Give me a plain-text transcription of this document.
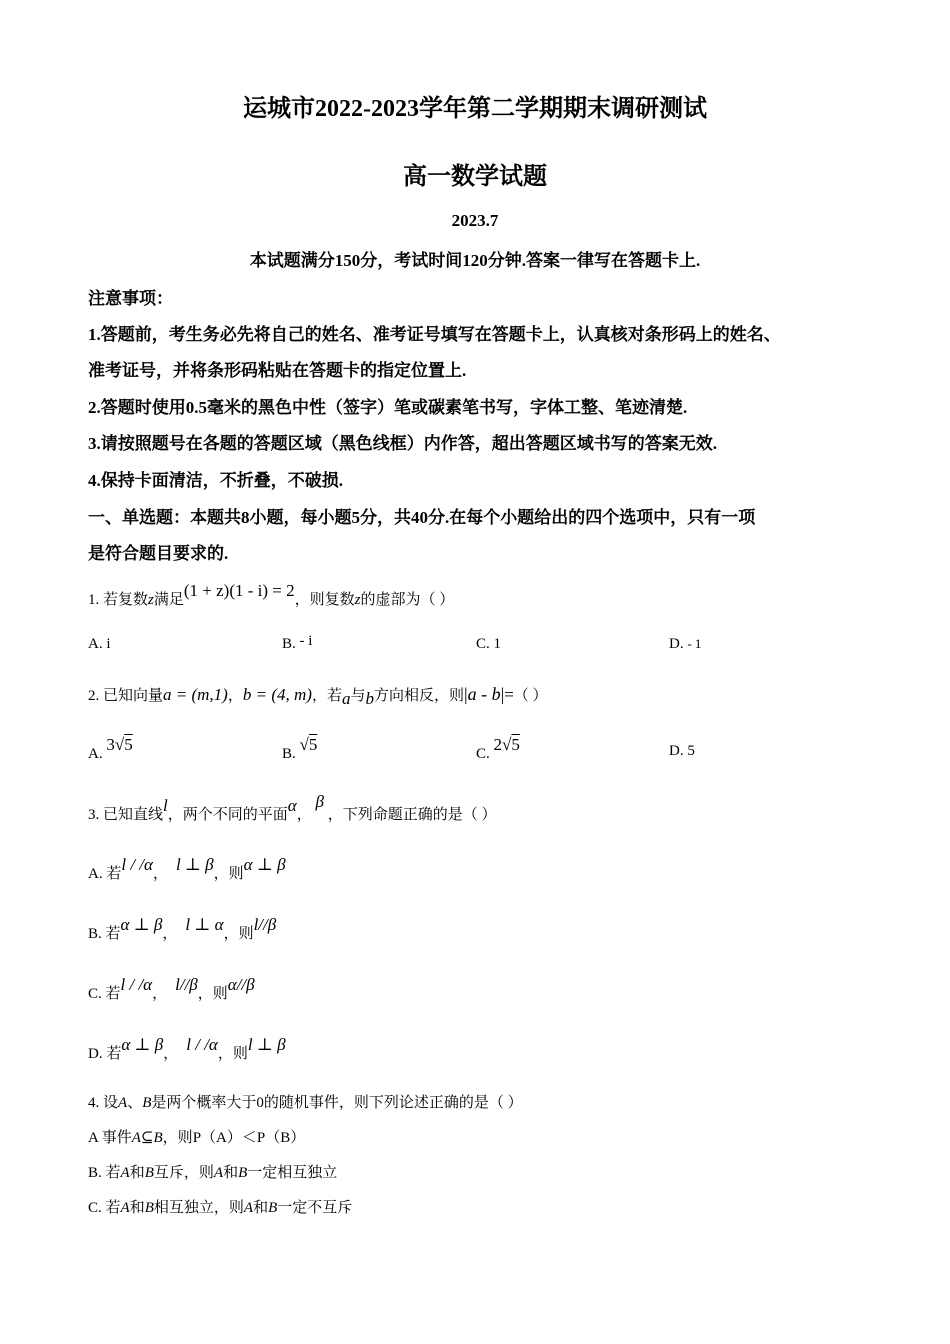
运城市2022-2023学年第二学期期末调研测试
高一数学试题
2023.7
本试题满分150分，考试时间120分钟.答案一律写在答题卡上.
注意事项：
1.答题前，考生务必先将自己的姓名、准考证号填写在答题卡上，认真核对条形码上的姓名、
准考证号，并将条形码粘贴在答题卡的指定位置上.
2.答题时使用0.5毫米的黑色中性（签字）笔或碳素笔书写，字体工整、笔迹清楚.
3.请按照题号在各题的答题区域（黑色线框）内作答，超出答题区域书写的答案无效.
4.保持卡面清洁，不折叠，不破损.
一、单选题：本题共8小题，每小题5分，共40分.在每个小题给出的四个选项中，只有一项
是符合题目要求的.
1. 若复数z满足(1 + z)(1 - i) = 2，则复数z的虚部为（ ）
A. i	B. - i	C. 1	D. - 1
2. 已知向量a = (m,1)，b = (4, m)，若a与b方向相反，则|a - b|=（ ）
A. 3√5	B. √5	C. 2√5	D. 5
3. 已知直线l，两个不同的平面α， β ，下列命题正确的是（ ）
A. 若l / /α， l ⊥ β，则α ⊥ β
B. 若α ⊥ β， l ⊥ α，则l//β
C. 若l / /α， l//β，则α//β
D. 若α ⊥ β， l / /α，则l ⊥ β
4. 设A、B是两个概率大于0的随机事件，则下列论述正确的是（ ）
A 事件A⊆B，则P（A）＜P（B）
B. 若A和B互斥，则A和B一定相互独立
C. 若A和B相互独立，则A和B一定不互斥
